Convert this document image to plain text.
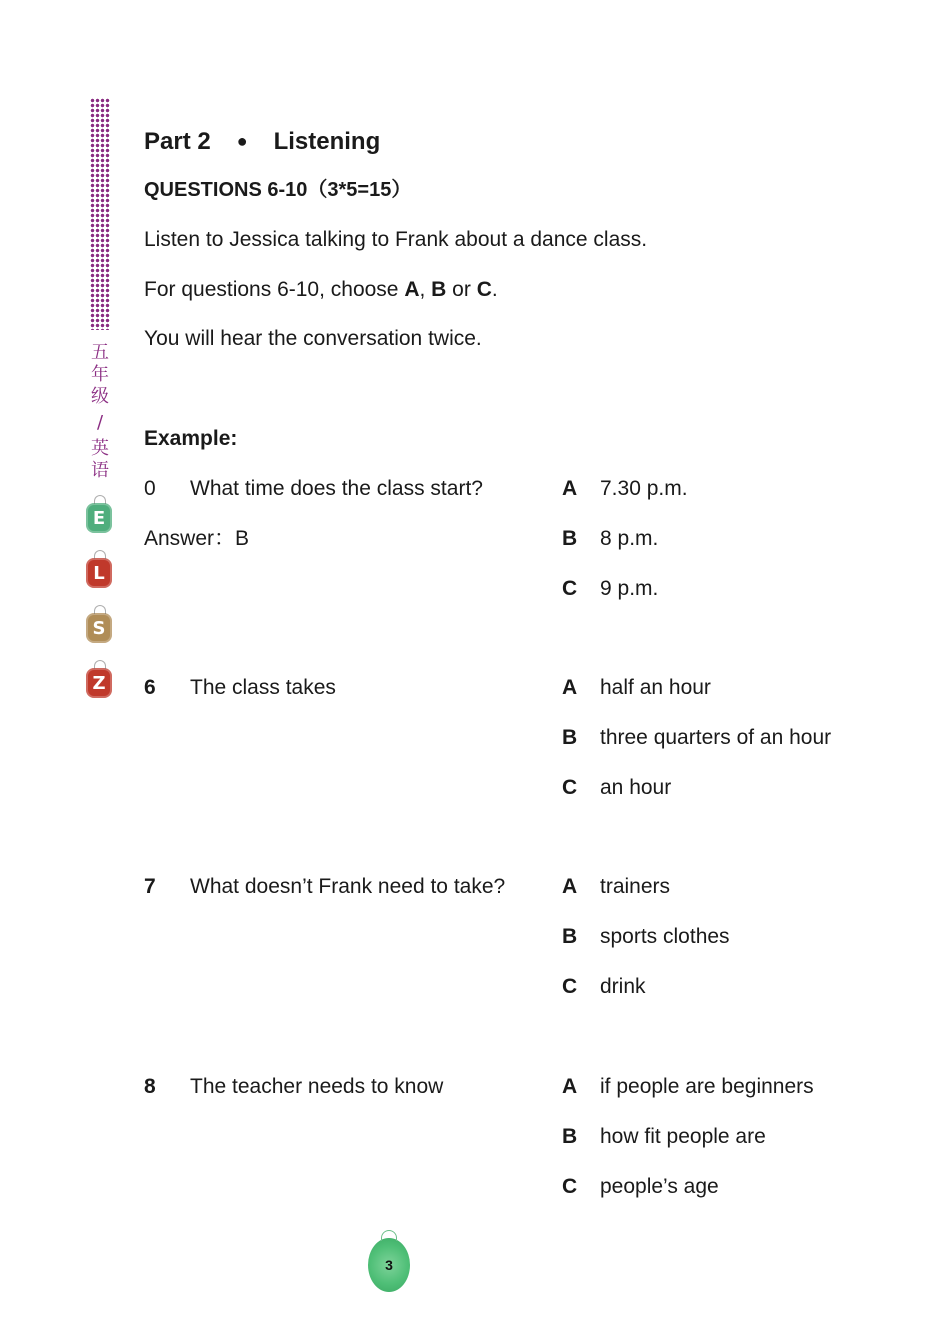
五
年
级
/
英
语
E
L
S
Z
Part 2 ● Listening
QUESTIONS 6-10（3*5=15）
Listen to Jessica talking to Frank about a dance class.
For questions 6-10, choose A, B or C.
You will hear the conversation twice.
Example:
0 What time does the class start?
Answer：B
A 7.30 p.m.
B 8 p.m.
C 9 p.m.
6 The class takes	A half an hour
B three quarters of an hour
C an hour
7 What doesn’t Frank need to take?	A trainers
B sports clothes
C drink
8 The teacher needs to know	A if people are beginners
B how fit people are
C people’s age
3
